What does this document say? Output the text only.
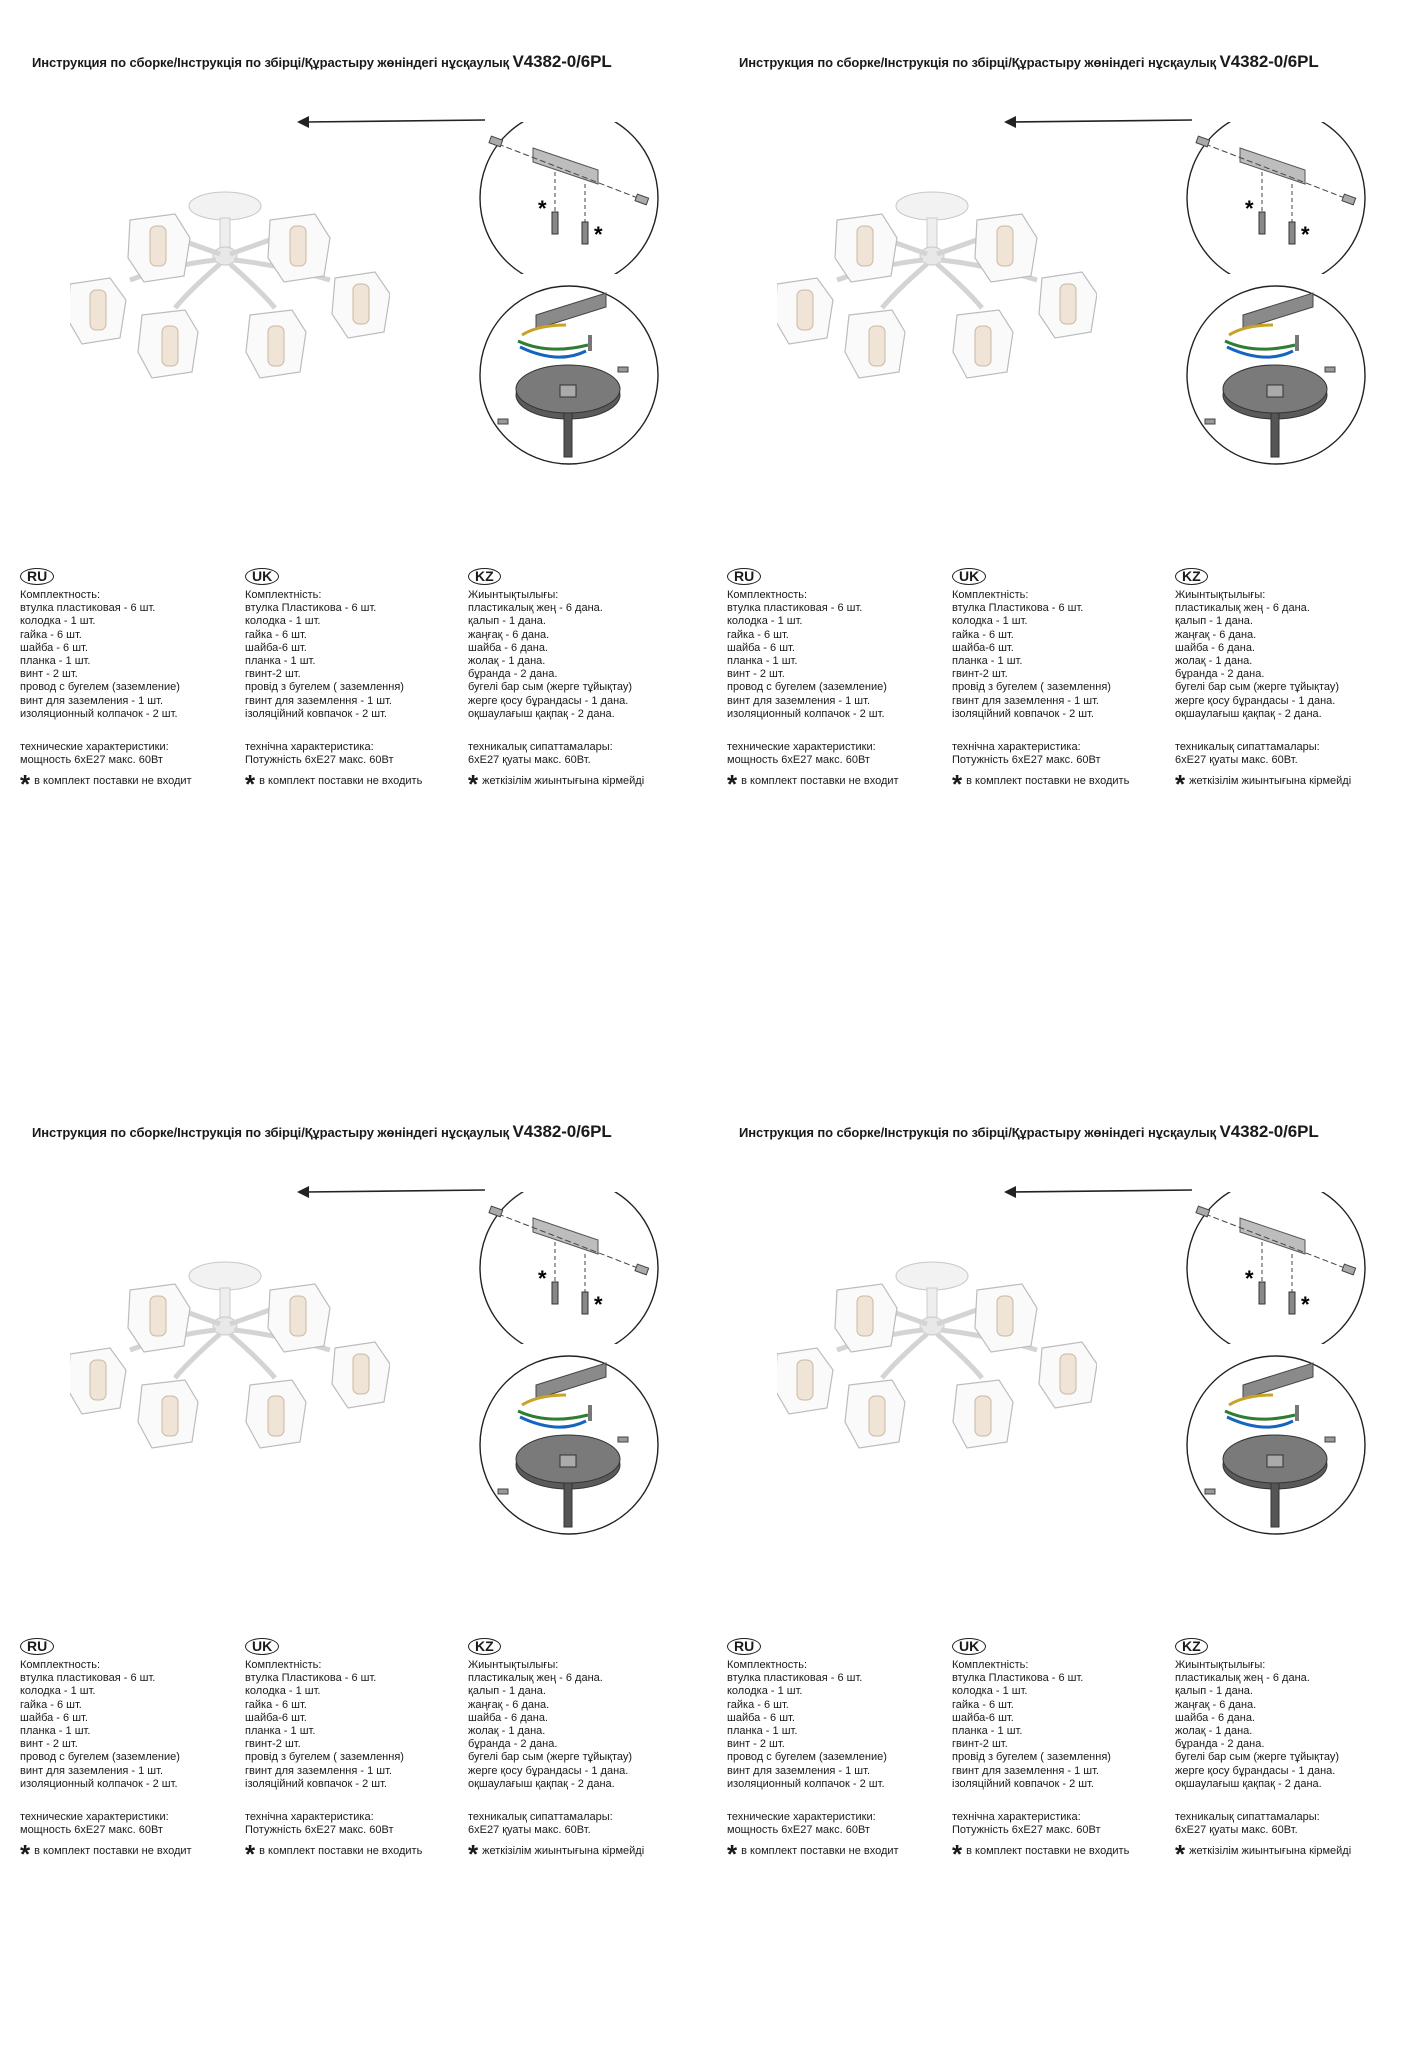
Инструкция по сборке/Інструкція по збірці/Құрастыру жөніндегі нұсқаулық V4382-0/6PL
*
*
RU
Комплектность:
втулка пластиковая - 6 шт.
колодка - 1 шт.
гайка - 6 шт.
шайба - 6 шт.
планка - 1 шт.
винт - 2 шт.
провод с бугелем (заземление)
винт для заземления - 1 шт.
изоляционный колпачок - 2 шт.
технические характеристики:
мощность 6xE27 макс. 60Вт
* в комплект поставки не входит
UK
Комплектність:
втулка Пластикова - 6 шт.
колодка - 1 шт.
гайка - 6 шт.
шайба-6 шт.
планка - 1 шт.
гвинт-2 шт.
провід з бугелем ( заземлення)
гвинт для заземлення - 1 шт.
ізоляційний ковпачок - 2 шт.
технічна характеристика:
Потужність 6xE27 макс. 60Вт
* в комплект поставки не входить
KZ
Жиынтықтылығы:
пластикалық жең - 6 дана.
қалып - 1 дана.
жаңғақ - 6 дана.
шайба - 6 дана.
жолақ - 1 дана.
бұранда - 2 дана.
бугелі бар сым (жерге тұйықтау)
жерге қосу бұрандасы - 1 дана.
оқшаулағыш қақпақ - 2 дана.
техникалық сипаттамалары:
6xE27 қуаты макс. 60Вт.
* жеткізілім жиынтығына кірмейді
Инструкция по сборке/Інструкція по збірці/Құрастыру жөніндегі нұсқаулық V4382-0/6PL
*
*
RU
Комплектность:
втулка пластиковая - 6 шт.
колодка - 1 шт.
гайка - 6 шт.
шайба - 6 шт.
планка - 1 шт.
винт - 2 шт.
провод с бугелем (заземление)
винт для заземления - 1 шт.
изоляционный колпачок - 2 шт.
технические характеристики:
мощность 6xE27 макс. 60Вт
* в комплект поставки не входит
UK
Комплектність:
втулка Пластикова - 6 шт.
колодка - 1 шт.
гайка - 6 шт.
шайба-6 шт.
планка - 1 шт.
гвинт-2 шт.
провід з бугелем ( заземлення)
гвинт для заземлення - 1 шт.
ізоляційний ковпачок - 2 шт.
технічна характеристика:
Потужність 6xE27 макс. 60Вт
* в комплект поставки не входить
KZ
Жиынтықтылығы:
пластикалық жең - 6 дана.
қалып - 1 дана.
жаңғақ - 6 дана.
шайба - 6 дана.
жолақ - 1 дана.
бұранда - 2 дана.
бугелі бар сым (жерге тұйықтау)
жерге қосу бұрандасы - 1 дана.
оқшаулағыш қақпақ - 2 дана.
техникалық сипаттамалары:
6xE27 қуаты макс. 60Вт.
* жеткізілім жиынтығына кірмейді
Инструкция по сборке/Інструкція по збірці/Құрастыру жөніндегі нұсқаулық V4382-0/6PL
*
*
RU
Комплектность:
втулка пластиковая - 6 шт.
колодка - 1 шт.
гайка - 6 шт.
шайба - 6 шт.
планка - 1 шт.
винт - 2 шт.
провод с бугелем (заземление)
винт для заземления - 1 шт.
изоляционный колпачок - 2 шт.
технические характеристики:
мощность 6xE27 макс. 60Вт
* в комплект поставки не входит
UK
Комплектність:
втулка Пластикова - 6 шт.
колодка - 1 шт.
гайка - 6 шт.
шайба-6 шт.
планка - 1 шт.
гвинт-2 шт.
провід з бугелем ( заземлення)
гвинт для заземлення - 1 шт.
ізоляційний ковпачок - 2 шт.
технічна характеристика:
Потужність 6xE27 макс. 60Вт
* в комплект поставки не входить
KZ
Жиынтықтылығы:
пластикалық жең - 6 дана.
қалып - 1 дана.
жаңғақ - 6 дана.
шайба - 6 дана.
жолақ - 1 дана.
бұранда - 2 дана.
бугелі бар сым (жерге тұйықтау)
жерге қосу бұрандасы - 1 дана.
оқшаулағыш қақпақ - 2 дана.
техникалық сипаттамалары:
6xE27 қуаты макс. 60Вт.
* жеткізілім жиынтығына кірмейді
Инструкция по сборке/Інструкція по збірці/Құрастыру жөніндегі нұсқаулық V4382-0/6PL
*
*
RU
Комплектность:
втулка пластиковая - 6 шт.
колодка - 1 шт.
гайка - 6 шт.
шайба - 6 шт.
планка - 1 шт.
винт - 2 шт.
провод с бугелем (заземление)
винт для заземления - 1 шт.
изоляционный колпачок - 2 шт.
технические характеристики:
мощность 6xE27 макс. 60Вт
* в комплект поставки не входит
UK
Комплектність:
втулка Пластикова - 6 шт.
колодка - 1 шт.
гайка - 6 шт.
шайба-6 шт.
планка - 1 шт.
гвинт-2 шт.
провід з бугелем ( заземлення)
гвинт для заземлення - 1 шт.
ізоляційний ковпачок - 2 шт.
технічна характеристика:
Потужність 6xE27 макс. 60Вт
* в комплект поставки не входить
KZ
Жиынтықтылығы:
пластикалық жең - 6 дана.
қалып - 1 дана.
жаңғақ - 6 дана.
шайба - 6 дана.
жолақ - 1 дана.
бұранда - 2 дана.
бугелі бар сым (жерге тұйықтау)
жерге қосу бұрандасы - 1 дана.
оқшаулағыш қақпақ - 2 дана.
техникалық сипаттамалары:
6xE27 қуаты макс. 60Вт.
* жеткізілім жиынтығына кірмейді
